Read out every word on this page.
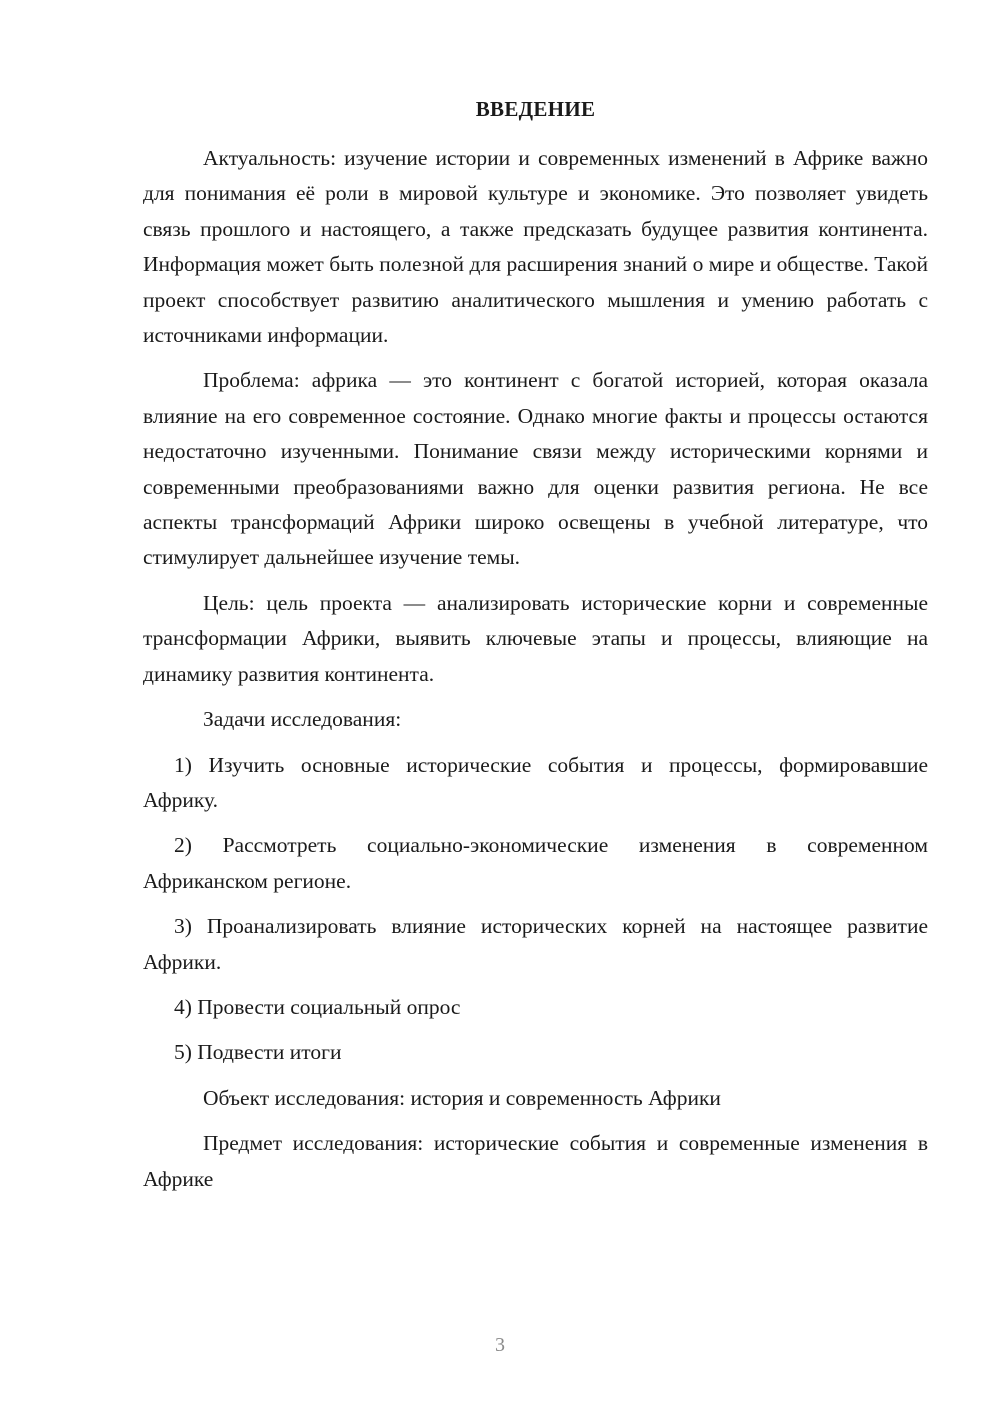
ВВЕДЕНИЕ

Актуальность: изучение истории и современных изменений в Африке важно для понимания её роли в мировой культуре и экономике. Это позволяет увидеть связь прошлого и настоящего, а также предсказать будущее развития континента. Информация может быть полезной для расширения знаний о мире и обществе. Такой проект способствует развитию аналитического мышления и умению работать с источниками информации.

Проблема: африка — это континент с богатой историей, которая оказала влияние на его современное состояние. Однако многие факты и процессы остаются недостаточно изученными. Понимание связи между историческими корнями и современными преобразованиями важно для оценки развития региона. Не все аспекты трансформаций Африки широко освещены в учебной литературе, что стимулирует дальнейшее изучение темы.

Цель: цель проекта — анализировать исторические корни и современные трансформации Африки, выявить ключевые этапы и процессы, влияющие на динамику развития континента.

Задачи исследования:

1) Изучить основные исторические события и процессы, формировавшие Африку.

2) Рассмотреть социально-экономические изменения в современном Африканском регионе.

3) Проанализировать влияние исторических корней на настоящее развитие Африки.

4) Провести социальный опрос

5) Подвести итоги

Объект исследования: история и современность Африки

Предмет исследования: исторические события и современные изменения в Африке

3
